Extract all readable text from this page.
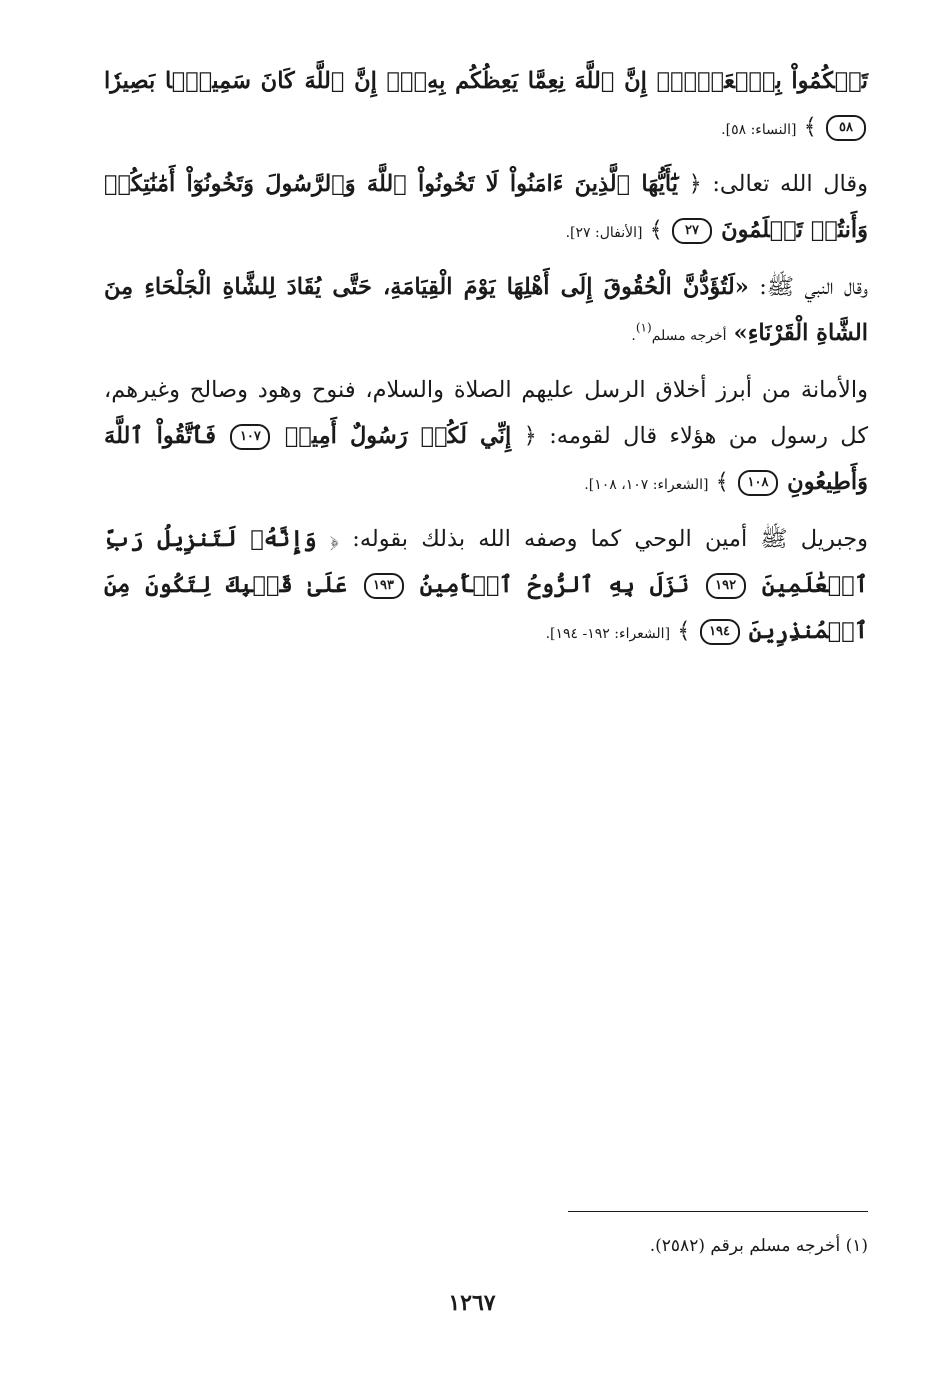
تَحۡكُمُواْ بِٱلۡعَدۡلِۚ إِنَّ ٱللَّهَ نِعِمَّا يَعِظُكُم بِهِۦٓۗ إِنَّ ٱللَّهَ كَانَ سَمِيعَۢا بَصِيرٗا ٥٨ ﴾ [النساء: ٥٨].

وقال الله تعالى: ﴿ يَٰٓأَيُّهَا ٱلَّذِينَ ءَامَنُواْ لَا تَخُونُواْ ٱللَّهَ وَٱلرَّسُولَ وَتَخُونُوٓاْ أَمَٰنَٰتِكُمۡ وَأَنتُمۡ تَعۡلَمُونَ ٢٧ ﴾ [الأنفال: ٢٧].

وقال النبي ﷺ: «لَتُؤَدُّنَّ الْحُقُوقَ إِلَى أَهْلِهَا يَوْمَ الْقِيَامَةِ، حَتَّى يُقَادَ لِلشَّاةِ الْجَلْحَاءِ مِنَ الشَّاةِ الْقَرْنَاءِ» أخرجه مسلم$^{(١)}$.

والأمانة من أبرز أخلاق الرسل عليهم الصلاة والسلام، فنوح وهود وصالح وغيرهم، كل رسول من هؤلاء قال لقومه: ﴿ إِنِّي لَكُمۡ رَسُولٌ أَمِينٞ ١٠٧ فَٱتَّقُواْ ٱللَّهَ وَأَطِيعُونِ ١٠٨ ﴾ [الشعراء: ١٠٧، ١٠٨].

وجبريل ﷺ أمين الوحي كما وصفه الله بذلك بقوله: ﴿ وَإِنَّهُۥ لَتَنزِيلُ رَبِّ ٱلۡعَٰلَمِينَ ١٩٢ نَزَلَ بِهِ ٱلرُّوحُ ٱلۡأَمِينُ ١٩٣ عَلَىٰ قَلۡبِكَ لِتَكُونَ مِنَ ٱلۡمُنذِرِينَ ١٩٤ ﴾ [الشعراء: ١٩٢- ١٩٤].

(١) أخرجه مسلم برقم (٢٥٨٢).
١٢٦٧
